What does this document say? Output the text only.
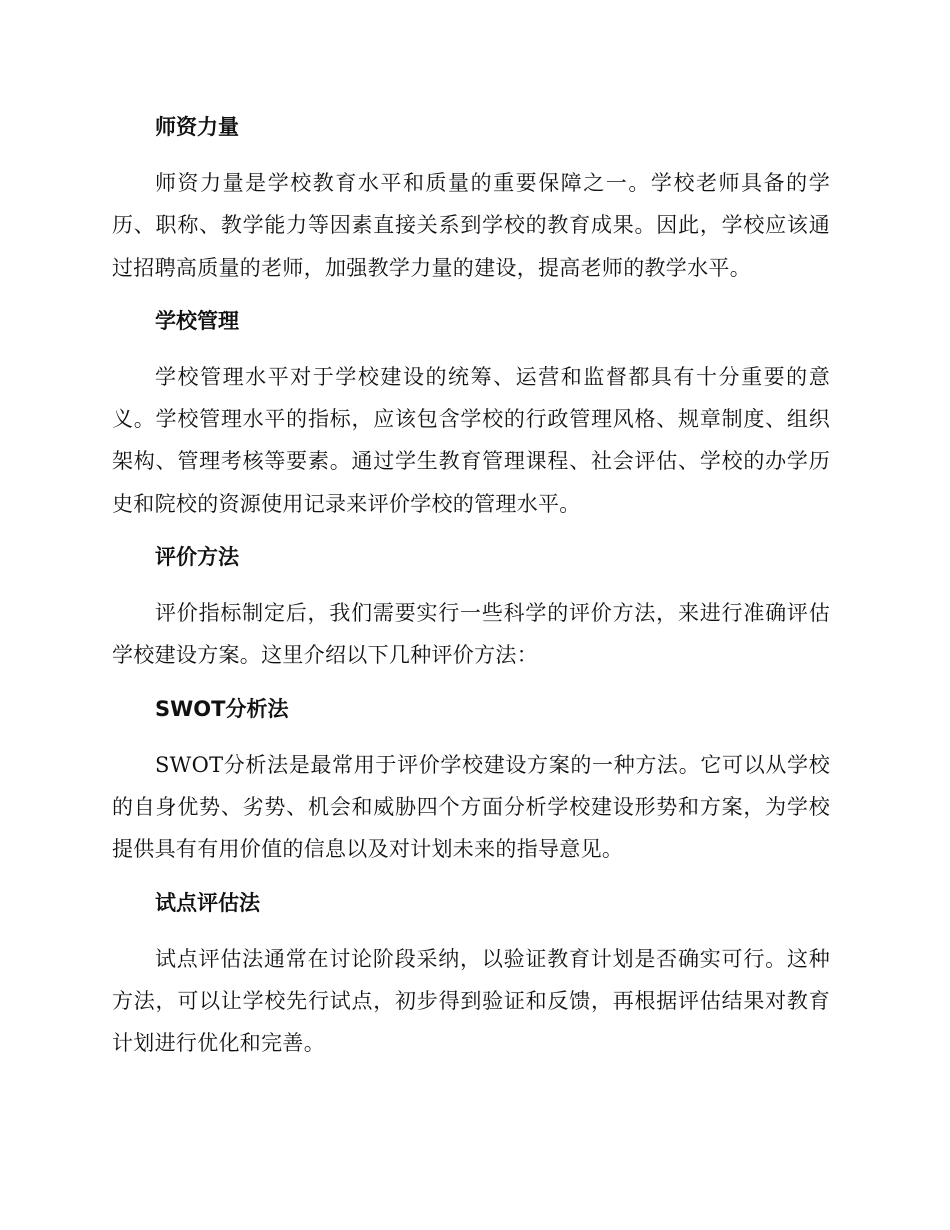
师资力量

师资力量是学校教育水平和质量的重要保障之一。学校老师具备的学历、职称、教学能力等因素直接关系到学校的教育成果。因此，学校应该通过招聘高质量的老师，加强教学力量的建设，提高老师的教学水平。

学校管理

学校管理水平对于学校建设的统筹、运营和监督都具有十分重要的意义。学校管理水平的指标，应该包含学校的行政管理风格、规章制度、组织架构、管理考核等要素。通过学生教育管理课程、社会评估、学校的办学历史和院校的资源使用记录来评价学校的管理水平。

评价方法

评价指标制定后，我们需要实行一些科学的评价方法，来进行准确评估学校建设方案。这里介绍以下几种评价方法：

SWOT分析法

SWOT分析法是最常用于评价学校建设方案的一种方法。它可以从学校的自身优势、劣势、机会和威胁四个方面分析学校建设形势和方案，为学校提供具有有用价值的信息以及对计划未来的指导意见。

试点评估法

试点评估法通常在讨论阶段采纳，以验证教育计划是否确实可行。这种方法，可以让学校先行试点，初步得到验证和反馈，再根据评估结果对教育计划进行优化和完善。
